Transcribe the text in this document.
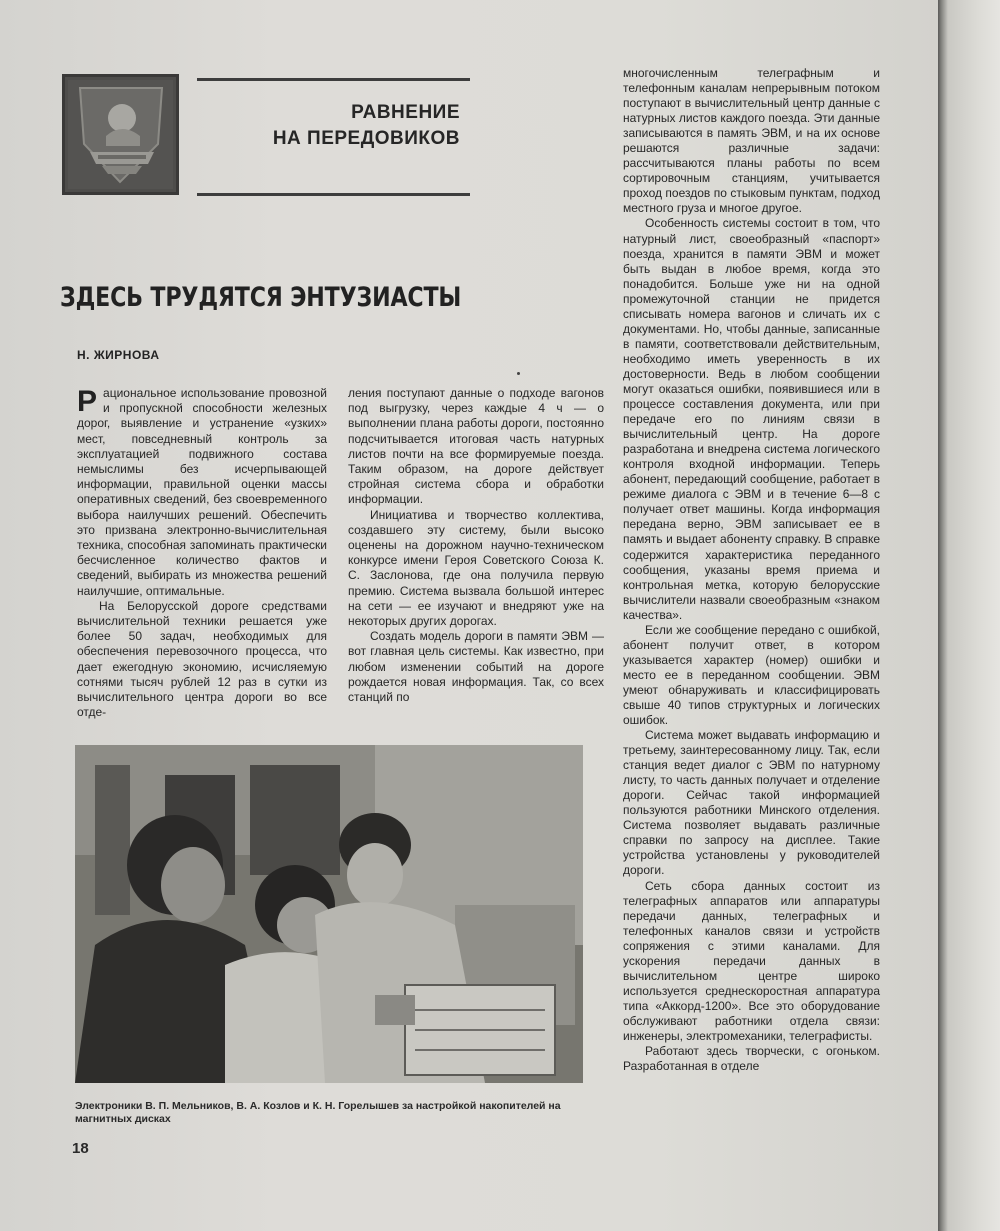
РАВНЕНИЕ
НА ПЕРЕДОВИКОВ
ЗДЕСЬ ТРУДЯТСЯ ЭНТУЗИАСТЫ
Н. ЖИРНОВА

Рациональное использование провозной и пропускной способности железных дорог, выявление и устранение «узких» мест, повседневный контроль за эксплуатацией подвижного состава немыслимы без исчерпывающей информации, правильной оценки массы оперативных сведений, без своевременного выбора наилучших решений. Обеспечить это призвана электронно-вычислительная техника, способная запоминать практически бесчисленное количество фактов и сведений, выбирать из множества решений наилучшие, оптимальные.

На Белорусской дороге средствами вычислительной техники решается уже более 50 задач, необходимых для обеспечения перевозочного процесса, что дает ежегодную экономию, исчисляемую сотнями тысяч рублей 12 раз в сутки из вычислительного центра дороги во все отде-

ления поступают данные о подходе вагонов под выгрузку, через каждые 4 ч — о выполнении плана работы дороги, постоянно подсчитывается итоговая часть натурных листов почти на все формируемые поезда. Таким образом, на дороге действует стройная система сбора и обработки информации.

Инициатива и творчество коллектива, создавшего эту систему, были высоко оценены на дорожном научно-техническом конкурсе имени Героя Советского Союза К. С. Заслонова, где она получила первую премию. Система вызвала большой интерес на сети — ее изучают и внедряют уже на некоторых других дорогах.

Создать модель дороги в памяти ЭВМ — вот главная цель системы. Как известно, при любом изменении событий на дороге рождается новая информация. Так, со всех станций по

многочисленным телеграфным и телефонным каналам непрерывным потоком поступают в вычислительный центр данные с натурных листов каждого поезда. Эти данные записываются в память ЭВМ, и на их основе решаются различные задачи: рассчитываются планы работы по всем сортировочным станциям, учитывается проход поездов по стыковым пунктам, подход местного груза и многое другое.

Особенность системы состоит в том, что натурный лист, своеобразный «паспорт» поезда, хранится в памяти ЭВМ и может быть выдан в любое время, когда это понадобится. Больше уже ни на одной промежуточной станции не придется списывать номера вагонов и сличать их с документами. Но, чтобы данные, записанные в памяти, соответствовали действительным, необходимо иметь уверенность в их достоверности. Ведь в любом сообщении могут оказаться ошибки, появившиеся или в процессе составления документа, или при передаче его по линиям связи в вычислительный центр. На дороге разработана и внедрена система логического контроля входной информации. Теперь абонент, передающий сообщение, работает в режиме диалога с ЭВМ и в течение 6—8 с получает ответ машины. Когда информация передана верно, ЭВМ записывает ее в память и выдает абоненту справку. В справке содержится характеристика переданного сообщения, указаны время приема и контрольная метка, которую белорусские вычислители назвали своеобразным «знаком качества».

Если же сообщение передано с ошибкой, абонент получит ответ, в котором указывается характер (номер) ошибки и место ее в переданном сообщении. ЭВМ умеют обнаруживать и классифицировать свыше 40 типов структурных и логических ошибок.

Система может выдавать информацию и третьему, заинтересованному лицу. Так, если станция ведет диалог с ЭВМ по натурному листу, то часть данных получает и отделение дороги. Сейчас такой информацией пользуются работники Минского отделения. Система позволяет выдавать различные справки по запросу на дисплее. Такие устройства установлены у руководителей дороги.

Сеть сбора данных состоит из телеграфных аппаратов или аппаратуры передачи данных, телеграфных и телефонных каналов связи и устройств сопряжения с этими каналами. Для ускорения передачи данных в вычислительном центре широко используется среднескоростная аппаратура типа «Аккорд-1200». Все это оборудование обслуживают работники отдела связи: инженеры, электромеханики, телеграфисты.

Работают здесь творчески, с огоньком. Разработанная в отделе

Электроники В. П. Мельников, В. А. Козлов и К. Н. Горелышев за настройкой накопителей на магнитных дисках
18
